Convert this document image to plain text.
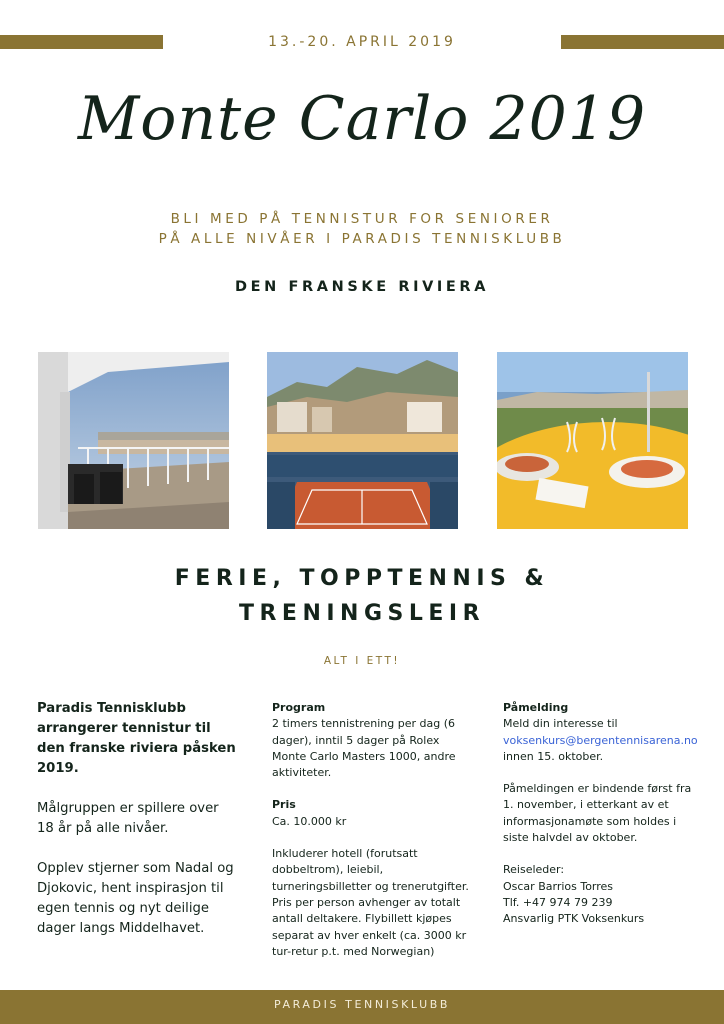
13.-20. APRIL 2019
Monte Carlo 2019
BLI MED PÅ TENNISTUR FOR SENIORER
PÅ ALLE NIVÅER I PARADIS TENNISKLUBB
DEN FRANSKE RIVIERA
FERIE, TOPPTENNIS &
TRENINGSLEIR
ALT I ETT!

Paradis Tennisklubb arrangerer tennistur til den franske riviera påsken 2019.

Målgruppen er spillere over 18 år på alle nivåer.

Opplev stjerner som Nadal og Djokovic, hent inspirasjon til egen tennis og nyt deilige dager langs Middelhavet.

Program
2 timers tennistrening per dag (6 dager), inntil 5 dager på Rolex Monte Carlo Masters 1000, andre aktiviteter.

Pris
Ca. 10.000 kr

Inkluderer hotell (forutsatt dobbeltrom), leiebil, turneringsbilletter og trenerutgifter. Pris per person avhenger av totalt antall deltakere. Flybillett kjøpes separat av hver enkelt (ca. 3000 kr tur-retur p.t. med Norwegian)

Påmelding
Meld din interesse til
voksenkurs@bergentennisarena.no innen 15. oktober.

Påmeldingen er bindende først fra 1. november, i etterkant av et informasjonamøte som holdes i siste halvdel av oktober.

Reiseleder:
Oscar Barrios Torres
Tlf. +47 974 79 239
Ansvarlig PTK Voksenkurs

PARADIS TENNISKLUBB
